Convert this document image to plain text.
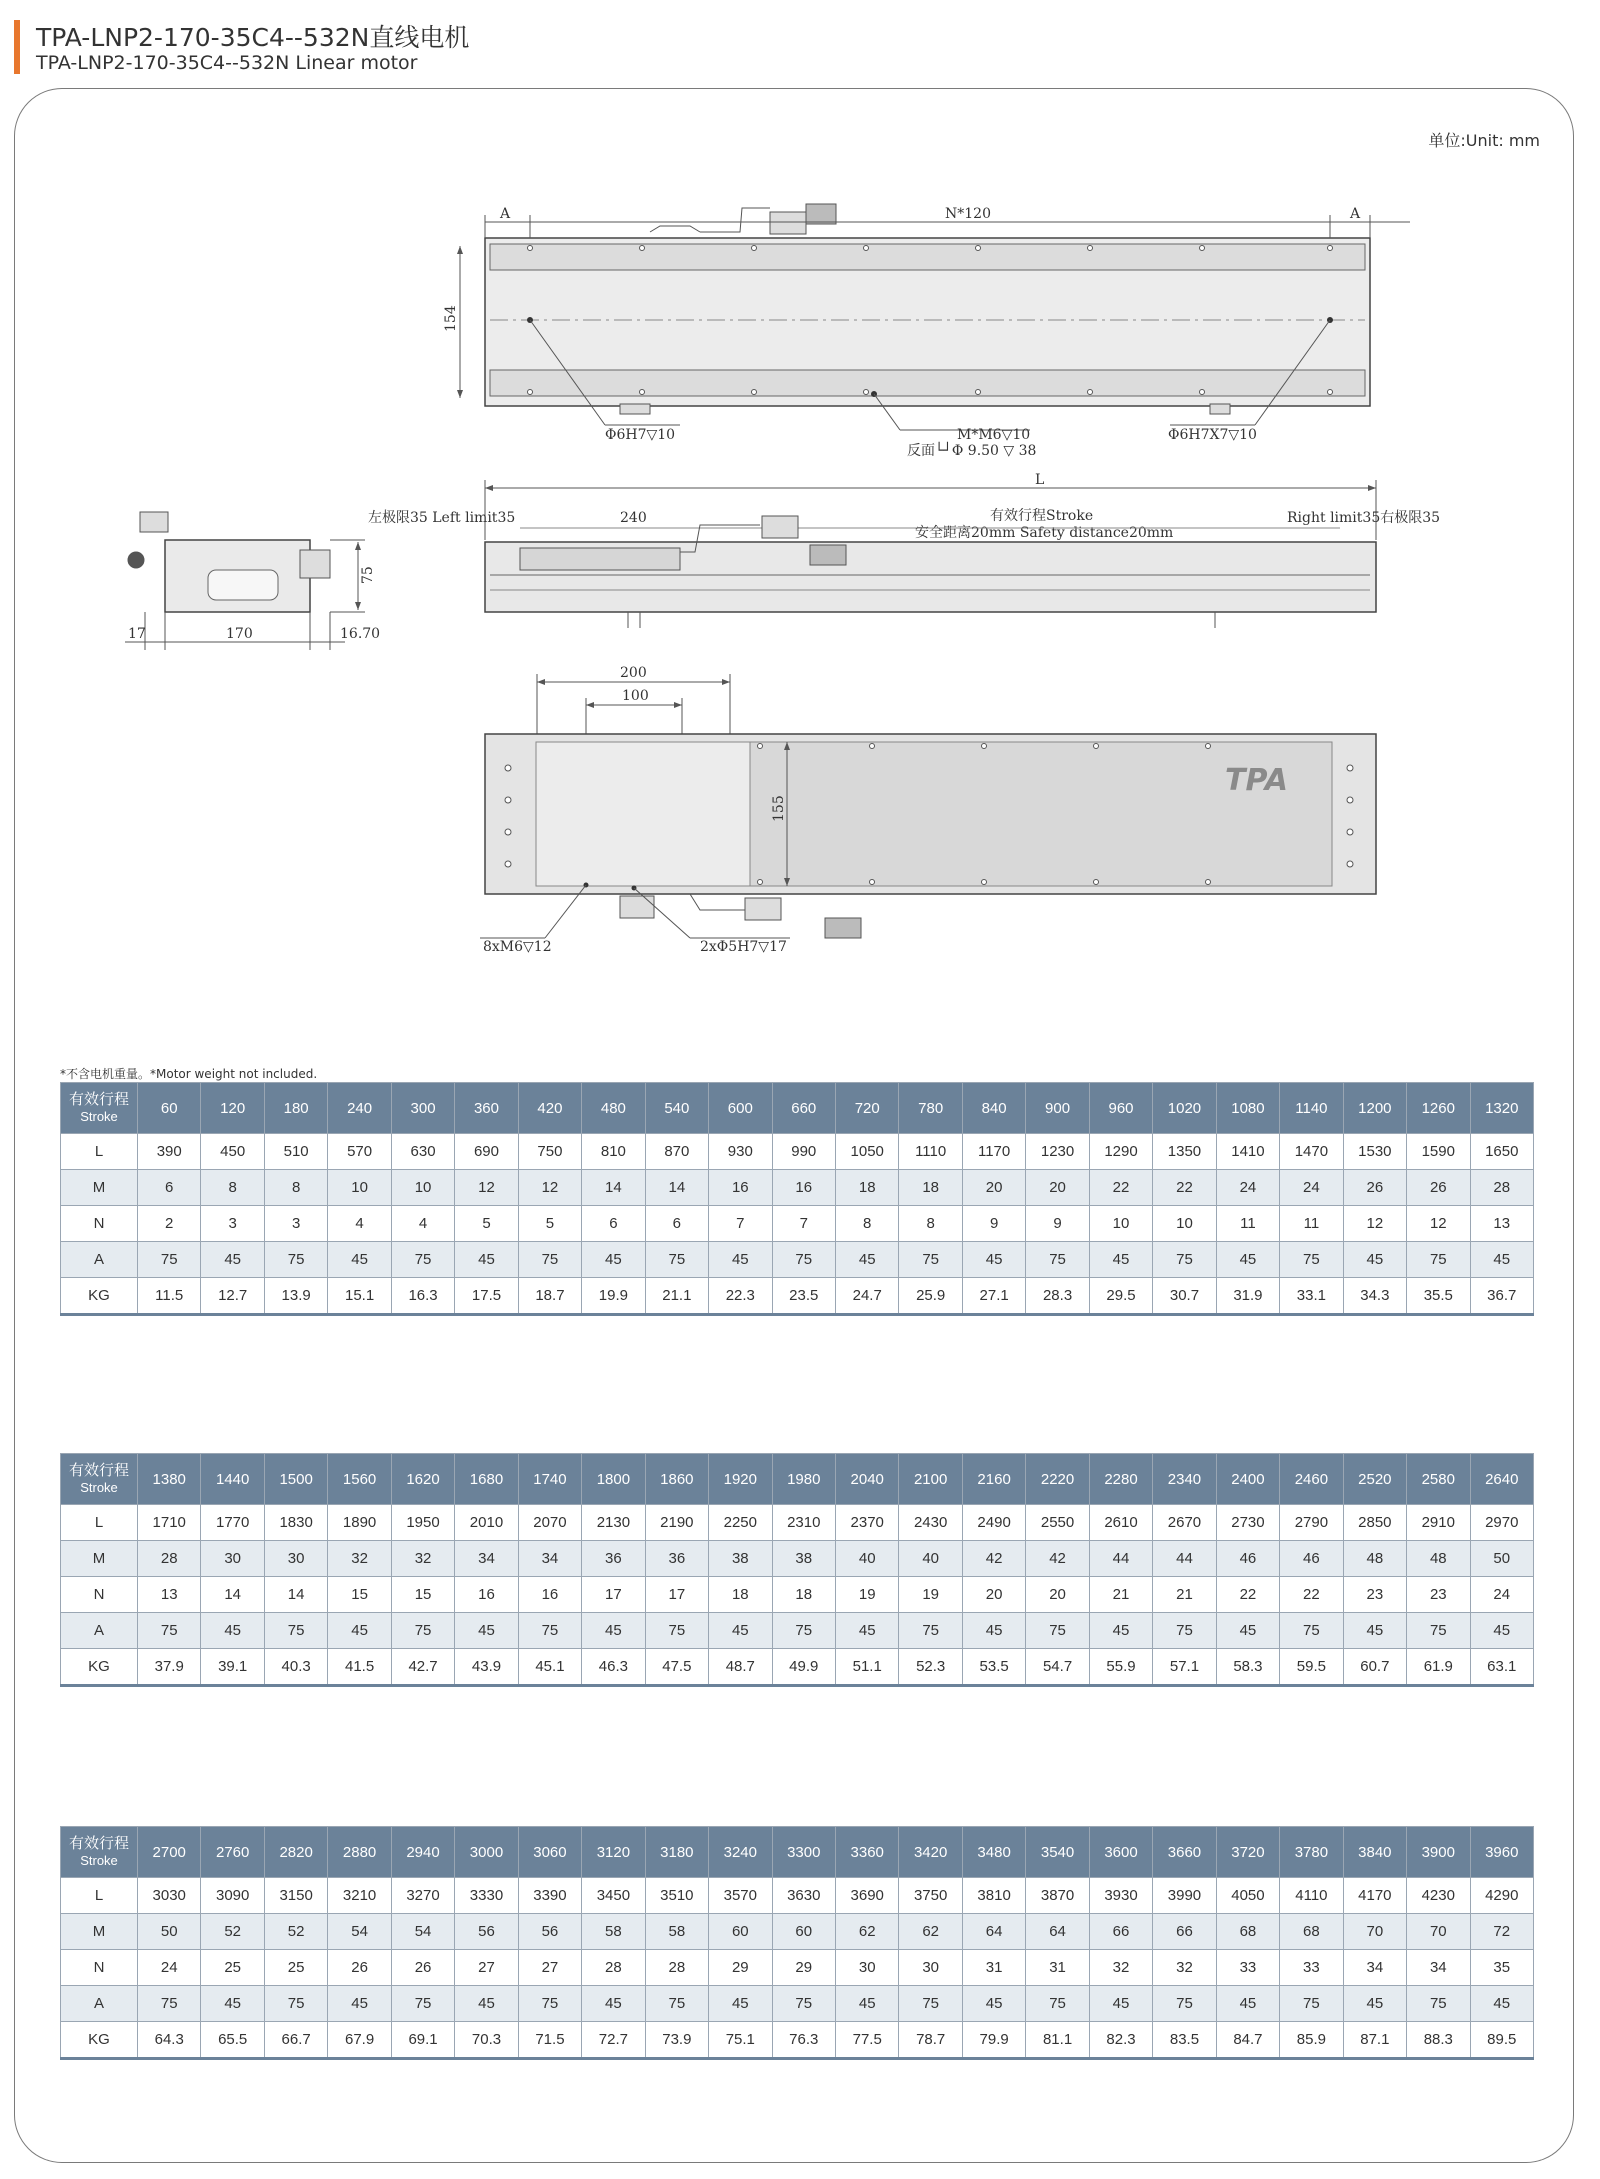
TPA-LNP2-170-35C4--532N直线电机
TPA-LNP2-170-35C4--532N Linear motor
单位:Unit: mm
A	N*120	A
154
Φ6H7▽10	M*M6▽10
反面└┘Φ 9.50 ▽ 38
Φ6H7X7▽10
L
左极限35 Left limit35	240	有效行程Stroke
安全距离20mm Safety distance20mm
Right limit35右极限35
75
17	170	16.70
200
100
155
TPA
8xM6▽12	2xΦ5H7▽17
*不含电机重量。*Motor weight not included.
有效行程
Stroke	60	120	180	240	300	360	420	480	540	600	660	720	780	840	900	960	1020	1080	1140	1200	1260	1320
L	390	450	510	570	630	690	750	810	870	930	990	1050	1110	1170	1230	1290	1350	1410	1470	1530	1590	1650
M	6	8	8	10	10	12	12	14	14	16	16	18	18	20	20	22	22	24	24	26	26	28
N	2	3	3	4	4	5	5	6	6	7	7	8	8	9	9	10	10	11	11	12	12	13
A	75	45	75	45	75	45	75	45	75	45	75	45	75	45	75	45	75	45	75	45	75	45
KG	11.5	12.7	13.9	15.1	16.3	17.5	18.7	19.9	21.1	22.3	23.5	24.7	25.9	27.1	28.3	29.5	30.7	31.9	33.1	34.3	35.5	36.7
有效行程
Stroke	1380	1440	1500	1560	1620	1680	1740	1800	1860	1920	1980	2040	2100	2160	2220	2280	2340	2400	2460	2520	2580	2640
L	1710	1770	1830	1890	1950	2010	2070	2130	2190	2250	2310	2370	2430	2490	2550	2610	2670	2730	2790	2850	2910	2970
M	28	30	30	32	32	34	34	36	36	38	38	40	40	42	42	44	44	46	46	48	48	50
N	13	14	14	15	15	16	16	17	17	18	18	19	19	20	20	21	21	22	22	23	23	24
A	75	45	75	45	75	45	75	45	75	45	75	45	75	45	75	45	75	45	75	45	75	45
KG	37.9	39.1	40.3	41.5	42.7	43.9	45.1	46.3	47.5	48.7	49.9	51.1	52.3	53.5	54.7	55.9	57.1	58.3	59.5	60.7	61.9	63.1
有效行程
Stroke	2700	2760	2820	2880	2940	3000	3060	3120	3180	3240	3300	3360	3420	3480	3540	3600	3660	3720	3780	3840	3900	3960
L	3030	3090	3150	3210	3270	3330	3390	3450	3510	3570	3630	3690	3750	3810	3870	3930	3990	4050	4110	4170	4230	4290
M	50	52	52	54	54	56	56	58	58	60	60	62	62	64	64	66	66	68	68	70	70	72
N	24	25	25	26	26	27	27	28	28	29	29	30	30	31	31	32	32	33	33	34	34	35
A	75	45	75	45	75	45	75	45	75	45	75	45	75	45	75	45	75	45	75	45	75	45
KG	64.3	65.5	66.7	67.9	69.1	70.3	71.5	72.7	73.9	75.1	76.3	77.5	78.7	79.9	81.1	82.3	83.5	84.7	85.9	87.1	88.3	89.5
